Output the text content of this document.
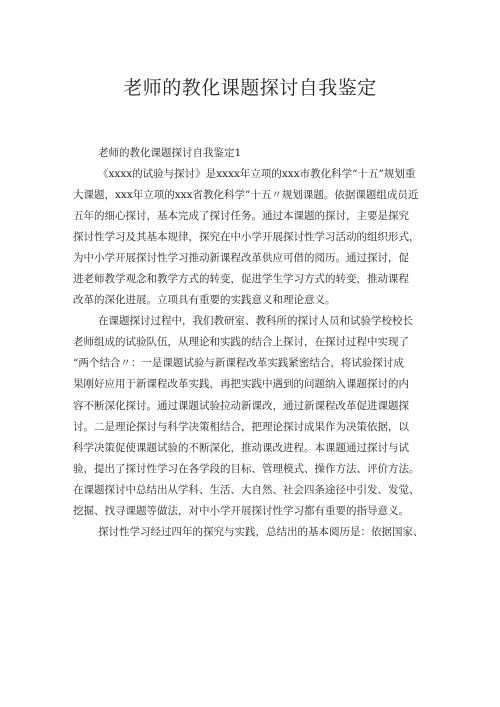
老师的教化课题探讨自我鉴定

老师的教化课题探讨自我鉴定1

《xxxx的试验与探讨》是xxxx年立项的xxx市教化科学“十五”规划重
大课题，xxx年立项的xxx省教化科学”十五〃规划课题。依据课题组成员近
五年的细心探讨，基本完成了探讨任务。通过本课题的探讨，主要是探究
探讨性学习及其基本规律，探究在中小学开展探讨性学习活动的组织形式，
为中小学开展探讨性学习推动新课程改革供应可借的阅历。通过探讨，促
进老师教学观念和教学方式的转变，促进学生学习方式的转变，推动课程
改革的深化进展。立项具有重要的实践意义和理论意义。

在课题探讨过程中，我们教研室、教科所的探讨人员和试验学校校长
老师组成的试验队伍，从理论和实践的结合上探讨，在探讨过程中实现了
“两个结合〃：一是课题试验与新课程改革实践紧密结合，将试验探讨成
果刚好应用于新课程改革实践，再把实践中遇到的问题纳入课题探讨的内
容不断深化探讨。通过课题试验拉动新课改，通过新课程改革促进课题探
讨。二是理论探讨与科学决策相结合，把理论探讨成果作为决策依据，以
科学决策促使课题试验的不断深化，推动课改进程。本课题通过探讨与试
验，提出了探讨性学习在各学段的目标、管理模式、操作方法、评价方法。
在课题探讨中总结出从学科、生活、大自然、社会四条途径中引发、发觉、
挖掘、找寻课题等做法，对中小学开展探讨性学习都有重要的指导意义。

探讨性学习经过四年的探究与实践，总结出的基本阅历是：依据国家、
